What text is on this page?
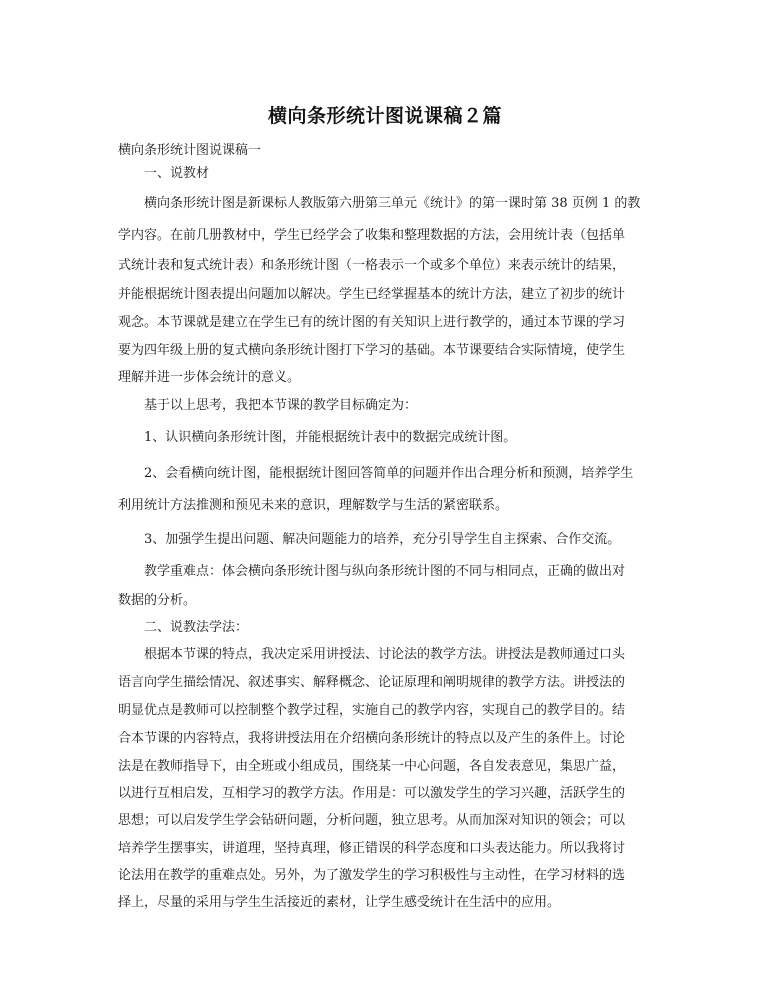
横向条形统计图说课稿２篇
横向条形统计图说课稿一
一、说教材
横向条形统计图是新课标人教版第六册第三单元《统计》的第一课时第 38 页例 1 的教
学内容。在前几册教材中，学生已经学会了收集和整理数据的方法，会用统计表（包括单
式统计表和复式统计表）和条形统计图（一格表示一个或多个单位）来表示统计的结果，
并能根据统计图表提出问题加以解决。学生已经掌握基本的统计方法，建立了初步的统计
观念。本节课就是建立在学生已有的统计图的有关知识上进行教学的，通过本节课的学习
要为四年级上册的复式横向条形统计图打下学习的基础。本节课要结合实际情境，使学生
理解并进一步体会统计的意义。
基于以上思考，我把本节课的教学目标确定为：
1、认识横向条形统计图，并能根据统计表中的数据完成统计图。
2、会看横向统计图，能根据统计图回答简单的问题并作出合理分析和预测，培养学生
利用统计方法推测和预见未来的意识，理解数学与生活的紧密联系。
3、加强学生提出问题、解决问题能力的培养，充分引导学生自主探索、合作交流。
教学重难点：体会横向条形统计图与纵向条形统计图的不同与相同点，正确的做出对
数据的分析。
二、说教法学法：
根据本节课的特点，我决定采用讲授法、讨论法的教学方法。讲授法是教师通过口头
语言向学生描绘情况、叙述事实、解释概念、论证原理和阐明规律的教学方法。讲授法的
明显优点是教师可以控制整个教学过程，实施自己的教学内容，实现自己的教学目的。结
合本节课的内容特点，我将讲授法用在介绍横向条形统计的特点以及产生的条件上。讨论
法是在教师指导下，由全班或小组成员，围绕某一中心问题，各自发表意见，集思广益，
以进行互相启发，互相学习的教学方法。作用是：可以激发学生的学习兴趣，活跃学生的
思想；可以启发学生学会钻研问题，分析问题，独立思考。从而加深对知识的领会；可以
培养学生摆事实，讲道理，坚持真理，修正错误的科学态度和口头表达能力。所以我将讨
论法用在教学的重难点处。另外，为了激发学生的学习积极性与主动性，在学习材料的选
择上，尽量的采用与学生生活接近的素材，让学生感受统计在生活中的应用。
